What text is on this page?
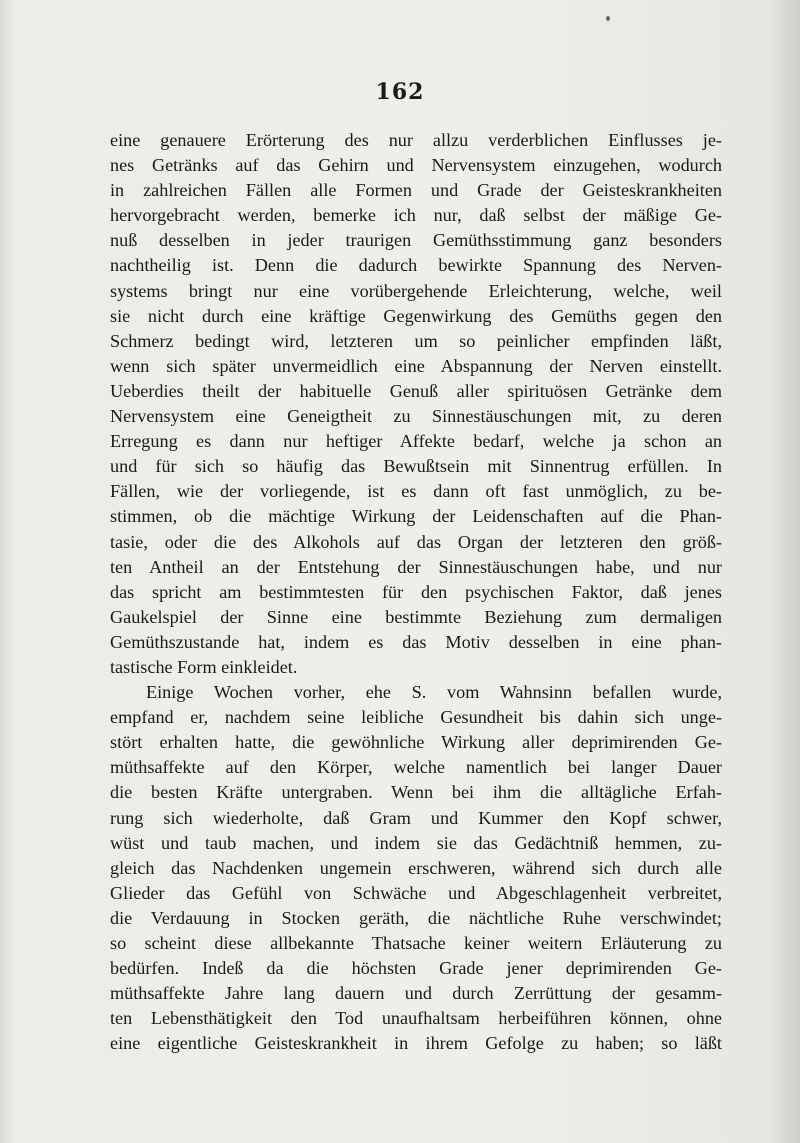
162
eine genauere Erörterung des nur allzu verderblichen Einflusses je-
nes Getränks auf das Gehirn und Nervensystem einzugehen, wodurch
in zahlreichen Fällen alle Formen und Grade der Geisteskrankheiten
hervorgebracht werden, bemerke ich nur, daß selbst der mäßige Ge-
nuß desselben in jeder traurigen Gemüthsstimmung ganz besonders
nachtheilig ist. Denn die dadurch bewirkte Spannung des Nerven-
systems bringt nur eine vorübergehende Erleichterung, welche, weil
sie nicht durch eine kräftige Gegenwirkung des Gemüths gegen den
Schmerz bedingt wird, letzteren um so peinlicher empfinden läßt,
wenn sich später unvermeidlich eine Abspannung der Nerven einstellt.
Ueberdies theilt der habituelle Genuß aller spirituösen Getränke dem
Nervensystem eine Geneigtheit zu Sinnestäuschungen mit, zu deren
Erregung es dann nur heftiger Affekte bedarf, welche ja schon an
und für sich so häufig das Bewußtsein mit Sinnentrug erfüllen. In
Fällen, wie der vorliegende, ist es dann oft fast unmöglich, zu be-
stimmen, ob die mächtige Wirkung der Leidenschaften auf die Phan-
tasie, oder die des Alkohols auf das Organ der letzteren den größ-
ten Antheil an der Entstehung der Sinnestäuschungen habe, und nur
das spricht am bestimmtesten für den psychischen Faktor, daß jenes
Gaukelspiel der Sinne eine bestimmte Beziehung zum dermaligen
Gemüthszustande hat, indem es das Motiv desselben in eine phan-
tastische Form einkleidet.
Einige Wochen vorher, ehe S. vom Wahnsinn befallen wurde,
empfand er, nachdem seine leibliche Gesundheit bis dahin sich unge-
stört erhalten hatte, die gewöhnliche Wirkung aller deprimirenden Ge-
müthsaffekte auf den Körper, welche namentlich bei langer Dauer
die besten Kräfte untergraben. Wenn bei ihm die alltägliche Erfah-
rung sich wiederholte, daß Gram und Kummer den Kopf schwer,
wüst und taub machen, und indem sie das Gedächtniß hemmen, zu-
gleich das Nachdenken ungemein erschweren, während sich durch alle
Glieder das Gefühl von Schwäche und Abgeschlagenheit verbreitet,
die Verdauung in Stocken geräth, die nächtliche Ruhe verschwindet;
so scheint diese allbekannte Thatsache keiner weitern Erläuterung zu
bedürfen. Indeß da die höchsten Grade jener deprimirenden Ge-
müthsaffekte Jahre lang dauern und durch Zerrüttung der gesamm-
ten Lebensthätigkeit den Tod unaufhaltsam herbeiführen können, ohne
eine eigentliche Geisteskrankheit in ihrem Gefolge zu haben; so läßt
